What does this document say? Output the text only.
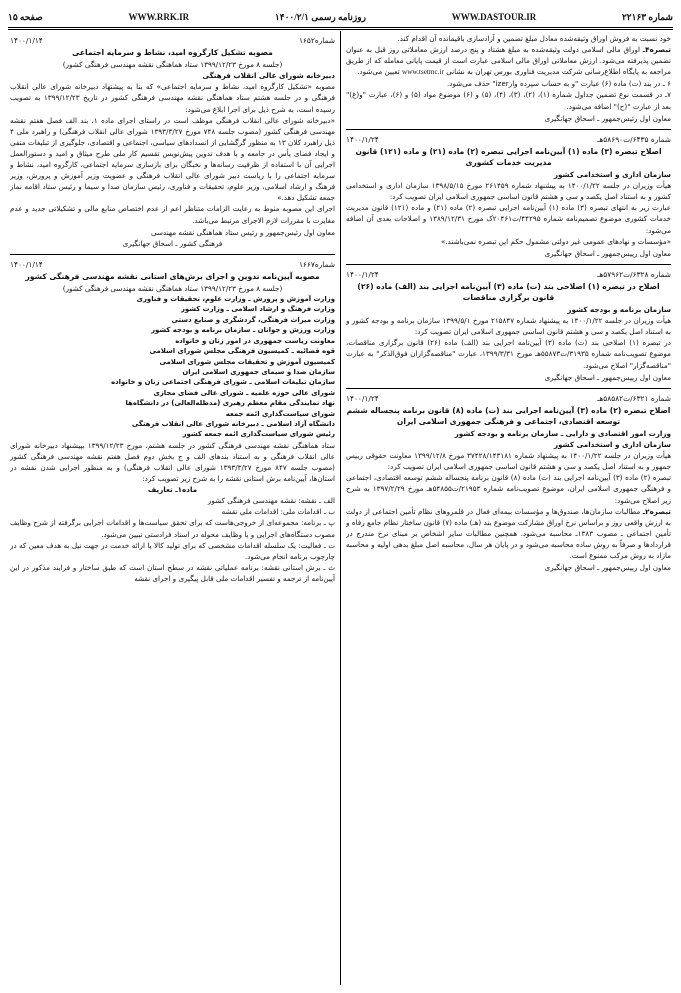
صفحه ۱۵	WWW.RRK.IR	روزنامه رسمی ۱۴۰۰/۲/۱	WWW.DASTOUR.IR	شماره ۲۲۱۶۳

خود نسبت به فروش اوراق وثیقه‌شده معادل مبلغ تضمین و آزادسازی باقیمانده آن اقدام کند.

تبصره۴ـ اوراق مالی اسلامی دولت وثیقه‌شده به مبلغ هشتاد و پنج درصد ارزش معاملاتی روز قبل به عنوان تضمین پذیرفته می‌شود. ارزش معاملاتی اوراق مالی اسلامی عبارت است از قیمت پایانی معامله که از طریق مراجعه به پایگاه اطلاع‌رسانی شرکت مدیریت فناوری بورس تهران به نشانی www.tsetmc.ir تعیین می‌شود.

۶ ـ در بند (ت) ماده (۶) عبارت "و به حساب سپرده وارizer" حذف می‌شود.

۷ـ در قسمت نوع تضمین جداول شماره (۱)، (۲)، (۳)، (۴)، (۵) و (۶) موضوع مواد (۵) و (۶)، عبارت "و(غ)" بعد از عبارت "(ح)" اضافه می‌شود.

معاون اول رئیس‌جمهور ـ اسحاق جهانگیری

شماره ۶۴۳۵/ت۵۸۶۹۰هـ
۱۴۰۰/۱/۲۴

اصلاح تبصره (۳) ماده (۱) آیین‌نامه اجرایی تبصره (۲) ماده (۲۱) و ماده (۱۲۱) قانون مدیریت خدمات کشوری

سازمان اداری و استخدامی کشور

هیأت وزیران در جلسه ۱۴۰۰/۱/۲۲ به پیشنهاد شماره ۲۶۱۴۵۹ مورخ ۱۳۹۸/۵/۱۵ سازمان اداری و استخدامی کشور و به استناد اصل یکصد و سی و هشتم قانون اساسی جمهوری اسلامی ایران تصویب کرد:

عبارت زیر به انتهای تبصره (۳) ماده (۱) آیین‌نامه اجرایی تبصره (۲) ماده (۲۱) و ماده (۱۲۱) قانون مدیریت خدمات کشوری موضوع تصمیم‌نامه شماره ۴۴۲۹۵/ت۲۰۴۶۱ک مورخ ۱۳۸۹/۱۲/۳۱ و اصلاحات بعدی آن اضافه می‌شود:

«مؤسسات و نهادهای عمومی غیر دولتی مشمول حکم این تبصره نمی‌باشند.»

معاون اول رییس‌جمهور ـ اسحاق جهانگیری

شماره ۶۳۲۸/ت۵۷۹۶۲هـ
۱۴۰۰/۱/۲۴

اصلاح در تبصره (۱) اصلاحی بند (ت) ماده (۳) آیین‌نامه اجرایی بند (الف) ماده (۲۶) قانون برگزاری مناقصات

سازمان برنامه و بودجه کشور

هیأت وزیران در جلسه ۱۴۰۰/۱/۲۲ به پیشنهاد شماره ۲۱۵۸۴۷ مورخ ۱۳۹۹/۵/۱ سازمان برنامه و بودجه کشور و به استناد اصل یکصد و سی و هشتم قانون اساسی جمهوری اسلامی ایران تصویب کرد:

در تبصره (۱) اصلاحی بند (ت) ماده (۳) آیین‌نامه اجرایی بند (الف) ماده (۲۶) قانون برگزاری مناقصات، موضوع تصویب‌نامه شماره ۳۱۹۳۵/ت۵۵۸۷۳هـ مورخ ۱۳۹۹/۳/۳۱، عبارت "مناقصه‌گزاران فوق‌الذکر" به عبارت "مناقصه‌گزار" اصلاح می‌شود.

معاون اول رییس‌جمهور ـ اسحاق جهانگیری

شماره ۶۳۲۱/ت۵۸۵۸۲هـ
۱۴۰۰/۱/۲۴

اصلاح تبصره (۲) ماده (۳) آیین‌نامه اجرایی بند (ت) ماده (۸) قانون برنامه پنجساله ششم توسعه اقتصادی، اجتماعی و فرهنگی جمهوری اسلامی ایران

وزارت امور اقتصادی و دارایی ـ سازمان برنامه و بودجه کشور

سازمان اداری و استخدامی کشور

هیأت وزیران در جلسه ۱۴۰۰/۱/۲۲ به پیشنهاد شماره ۳۷۴۲۸/۱۴۳۱۸۱ مورخ ۱۳۹۹/۱۲/۸ معاونت حقوقی رییس جمهور و به استناد اصل یکصد و سی و هشتم قانون اساسی جمهوری اسلامی ایران تصویب کرد:

تبصره (۲) ماده (۳) آیین‌نامه اجرایی بند (ت) ماده (۸) قانون برنامه پنجساله ششم توسعه اقتصادی، اجتماعی و فرهنگی جمهوری اسلامی ایران، موضوع تصویب‌نامه شماره ۲۱۹۵۳/ت۵۴۸۵۵هـ مورخ ۱۳۹۷/۲/۲۹ به شرح زیر اصلاح می‌شود:

تبصره۲ـ مطالبات سازمان‌ها، صندوق‌ها و مؤسسات بیمه‌ای فعال در قلمروهای نظام تأمین اجتماعی از دولت به ارزش واقعی روز و براساس نرخ اوراق مشارکت موضوع بند (هـ) ماده (۷) قانون ساختار نظام جامع رفاه و تأمین اجتماعی ـ مصوب ۱۳۸۳ـ محاسبه می‌شود. همچنین مطالبات سایر اشخاص بر مبنای نرخ مندرج در قراردادها و صرفاً به روش ساده محاسبه می‌شود و در پایان هر سال، محاسبه اصل مبلغ بدهی اولیه و محاسبه مازاد به روش مرکب ممنوع است.

معاون اول رییس‌جمهور ـ اسحاق جهانگیری

شماره۱۶۵۲
۱۴۰۰/۱/۱۴

مصوبه تشکیل کارگروه امید، نشاط و سرمایه اجتماعی

(جلسه ۸ مورخ ۱۳۹۹/۱۲/۲۳ ستاد هماهنگی نقشه مهندسی فرهنگی کشور)

دبیرخانه شورای عالی انقلاب فرهنگی

مصوبه «تشکیل کارگروه امید، نشاط و سرمایه اجتماعی» که بنا به پیشنهاد دبیرخانه شورای عالی انقلاب فرهنگی و در جلسه هشتم ستاد هماهنگی نقشه مهندسی فرهنگی کشور در تاریخ ۱۳۹۹/۱۲/۲۳ به تصویب رسیده است، به شرح ذیل برای اجرا ابلاغ می‌شود:

«دبیرخانه شورای عالی انقلاب فرهنگی موظف است در راستای اجرای ماده ۱، بند الف فصل هفتم نقشه مهندسی فرهنگی کشور (مصوب جلسه ۷۴۸ مورخ ۱۳۹۳/۳/۲۷ شورای عالی انقلاب فرهنگی) و راهبرد ملی ۴ ذیل راهبرد کلان ۱۳ به منظور گرگشایی از انسدادهای سیاسی، اجتماعی و اقتصادی، جلوگیری از تبلیغات منفی و ایجاد فضای یأس در جامعه و با هدف تدوین پیش‌نویس تقسیم کار ملی طرح میثاق و امید و دستورالعمل اجرایی آن با استفاده از ظرفیت رسانه‌ها و نخبگان برای بازسازی سرمایه اجتماعی، کارگروه امید، نشاط و سرمایه اجتماعی را با ریاست دبیر شورای عالی انقلاب فرهنگی و عضویت وزیر آموزش و پرورش، وزیر فرهنگ و ارشاد اسلامی، وزیر علوم، تحقیقات و فناوری، رئیس سازمان صدا و سیما و رئیس ستاد اقامه نماز جمعه تشکیل دهد.»

اجرای این مصوبه منوط به رعایت الزامات متناظر اعم از عدم اختصاص منابع مالی و تشکیلاتی جدید و عدم مغایرت با مقررات لازم الاجرای مرتبط می‌باشد.

معاون اول رئیس‌جمهور و رئیس ستاد هماهنگی نقشه مهندسی

فرهنگی کشور ـ اسحاق جهانگیری

شماره۱۶۶۷
۱۴۰۰/۱/۱۴

مصوبه آیین‌نامه تدوین و اجرای برش‌های استانی نقشه مهندسی فرهنگی کشور

(جلسه ۸ مورخ ۱۳۹۹/۱۲/۲۳ ستاد هماهنگی نقشه مهندسی فرهنگی کشور)

وزارت آموزش و پرورش ـ وزارت علوم، تحقیقات و فناوری

وزارت فرهنگ و ارشاد اسلامی ـ وزارت کشور

وزارت میراث فرهنگی، گردشگری و صنایع دستی

وزارت ورزش و جوانان ـ سازمان برنامه و بودجه کشور

معاونت ریاست جمهوری در امور زنان و خانواده

قوه قضائیه ـ کمیسیون فرهنگی مجلس شورای اسلامی

کمیسیون آموزش و تحقیقات مجلس شورای اسلامی

سازمان صدا و سیمای جمهوری اسلامی ایران

سازمان تبلیغات اسلامی ـ شورای فرهنگی اجتماعی زنان و خانواده

شورای عالی حوزه علمیه ـ شورای عالی فضای مجازی

نهاد نمایندگی مقام معظم رهبری (مدظله‌العالی) در دانشگاه‌ها

شورای سیاست‌گذاری ائمه جمعه

دانشگاه آزاد اسلامی ـ دبیرخانه شورای عالی انقلاب فرهنگی

رئیس شورای سیاست‌گذاری ائمه جمعه کشور

ستاد هماهنگی نقشه مهندسی فرهنگی کشور در جلسه هشتم، مورخ ۱۳۹۹/۱۲/۲۳ بپیشنهاد دبیرخانه شورای عالی انقلاب فرهنگی و به استناد بندهای الف و ج بخش دوم فصل هفتم نقشه مهندسی فرهنگی کشور (مصوب جلسه ۸۴۷ مورخ ۱۳۹۳/۳/۲۷ شورای عالی انقلاب فرهنگی) و به منظور اجرایی شدن نقشه در استان‌ها، آیین‌نامه برش استانی نقشه را به شرح زیر تصویب کرد:

ماده۱ـ تعاریف

الف ـ نقشه: نقشه مهندسی فرهنگی کشور

ب ـ اقدامات ملی: اقدامات ملی نقشه

پ ـ برنامه: مجموعه‌ای از خروجی‌هاست که برای تحقق سیاست‌ها و اقدامات اجرایی برگرفته از شرح وظایف مصوب دستگاه‌های اجرایی و یا وظایف محوله در اسناد فرادستی تبیین می‌شود.

ت ـ فعالیت: یک سلسله اقدامات مشخصی که برای تولید کالا یا ارائه خدمت در جهت نیل به هدف معین که در چارچوب برنامه انجام می‌شود.

ث ـ برش استانی نقشه: برنامه عملیاتی نقشه در سطح استان است که طبق ساختار و فرایند مذکور در این آیین‌نامه از ترجمه و تفسیر اقدامات ملی قابل پیگیری و اجرای نقشه
